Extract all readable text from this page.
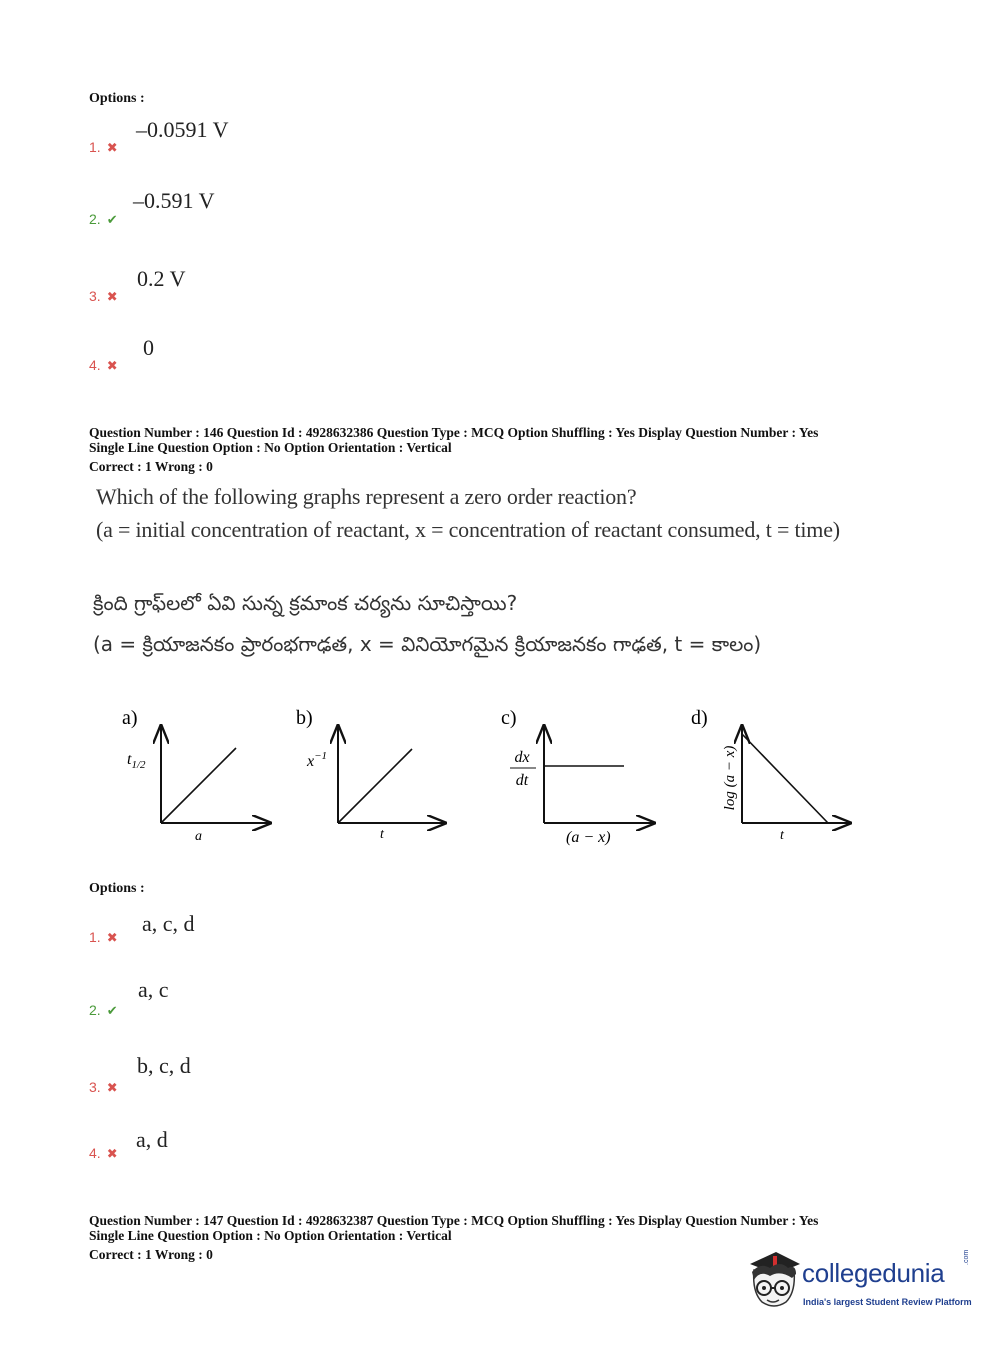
Options :
1. ✖
–0.0591 V
2. ✔
–0.591 V
3. ✖
0.2 V
4. ✖
0
Question Number : 146 Question Id : 4928632386 Question Type : MCQ Option Shuffling : Yes Display Question Number : Yes
Single Line Question Option : No Option Orientation : Vertical
Correct : 1 Wrong : 0
Which of the following graphs represent a zero order reaction?
(a = initial concentration of reactant, x = concentration of reactant consumed, t = time)
క్రింది గ్రాఫ్‌లలో ఏవి సున్న క్రమాంక చర్యను సూచిస్తాయి?
(a = క్రియాజనకం ప్రారంభగాఢత, x = వినియోగమైన క్రియాజనకం గాఢత, t = కాలం)
a)
$t_{1/2}$
a
b)
$x^{-1}$
t
c)
dx
dt
(a − x)
d)
log (a − x)
t
Options :
1. ✖
a, c, d
2. ✔
a, c
3. ✖
b, c, d
4. ✖
a, d
Question Number : 147 Question Id : 4928632387 Question Type : MCQ Option Shuffling : Yes Display Question Number : Yes
Single Line Question Option : No Option Orientation : Vertical
Correct : 1 Wrong : 0
collegedunia
.com
India's largest Student Review Platform
